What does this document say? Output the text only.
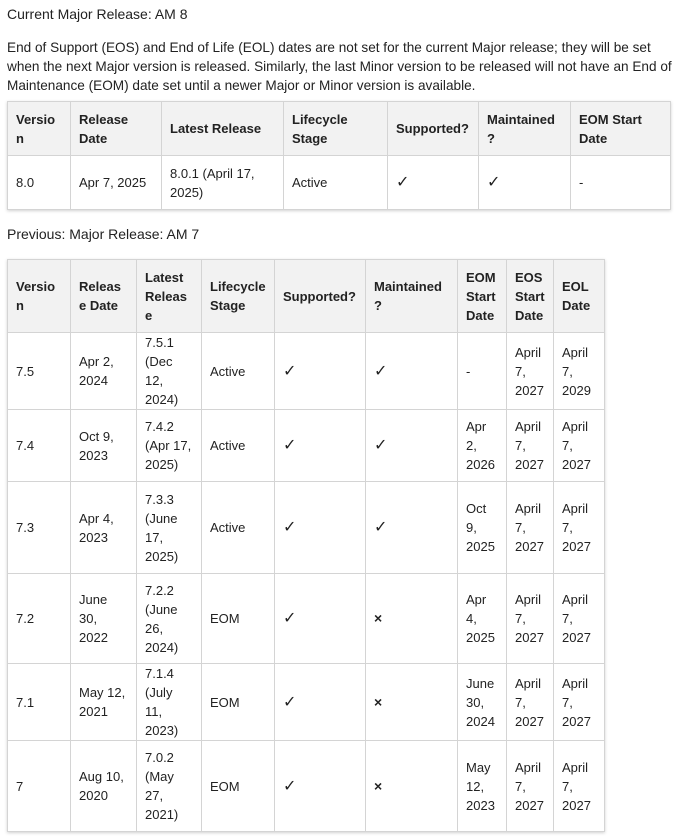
Current Major Release: AM 8

End of Support (EOS) and End of Life (EOL) dates are not set for the current Major release; they will be set when the next Major version is released. Similarly, the last Minor version to be released will not have an End of Maintenance (EOM) date set until a newer Major or Minor version is available.

Version	Release Date	Latest Release	Lifecycle Stage	Supported?	Maintained?	EOM Start Date
8.0	Apr 7, 2025	8.0.1 (April 17, 2025)	Active	✓	✓	-
Previous: Major Release: AM 7
Version	Release Date	Latest Release	Lifecycle Stage	Supported?	Maintained?	EOM Start Date	EOS Start Date	EOL Date
7.5	Apr 2, 2024	7.5.1 (Dec 12, 2024)	Active	✓	✓	-	April 7, 2027	April 7, 2029
7.4	Oct 9, 2023	7.4.2 (Apr 17, 2025)	Active	✓	✓	Apr 2, 2026	April 7, 2027	April 7, 2027
7.3	Apr 4, 2023	7.3.3 (June 17, 2025)	Active	✓	✓	Oct 9, 2025	April 7, 2027	April 7, 2027
7.2	June 30, 2022	7.2.2 (June 26, 2024)	EOM	✓	×	Apr 4, 2025	April 7, 2027	April 7, 2027
7.1	May 12, 2021	7.1.4 (July 11, 2023)	EOM	✓	×	June 30, 2024	April 7, 2027	April 7, 2027
7	Aug 10, 2020	7.0.2 (May 27, 2021)	EOM	✓	×	May 12, 2023	April 7, 2027	April 7, 2027
